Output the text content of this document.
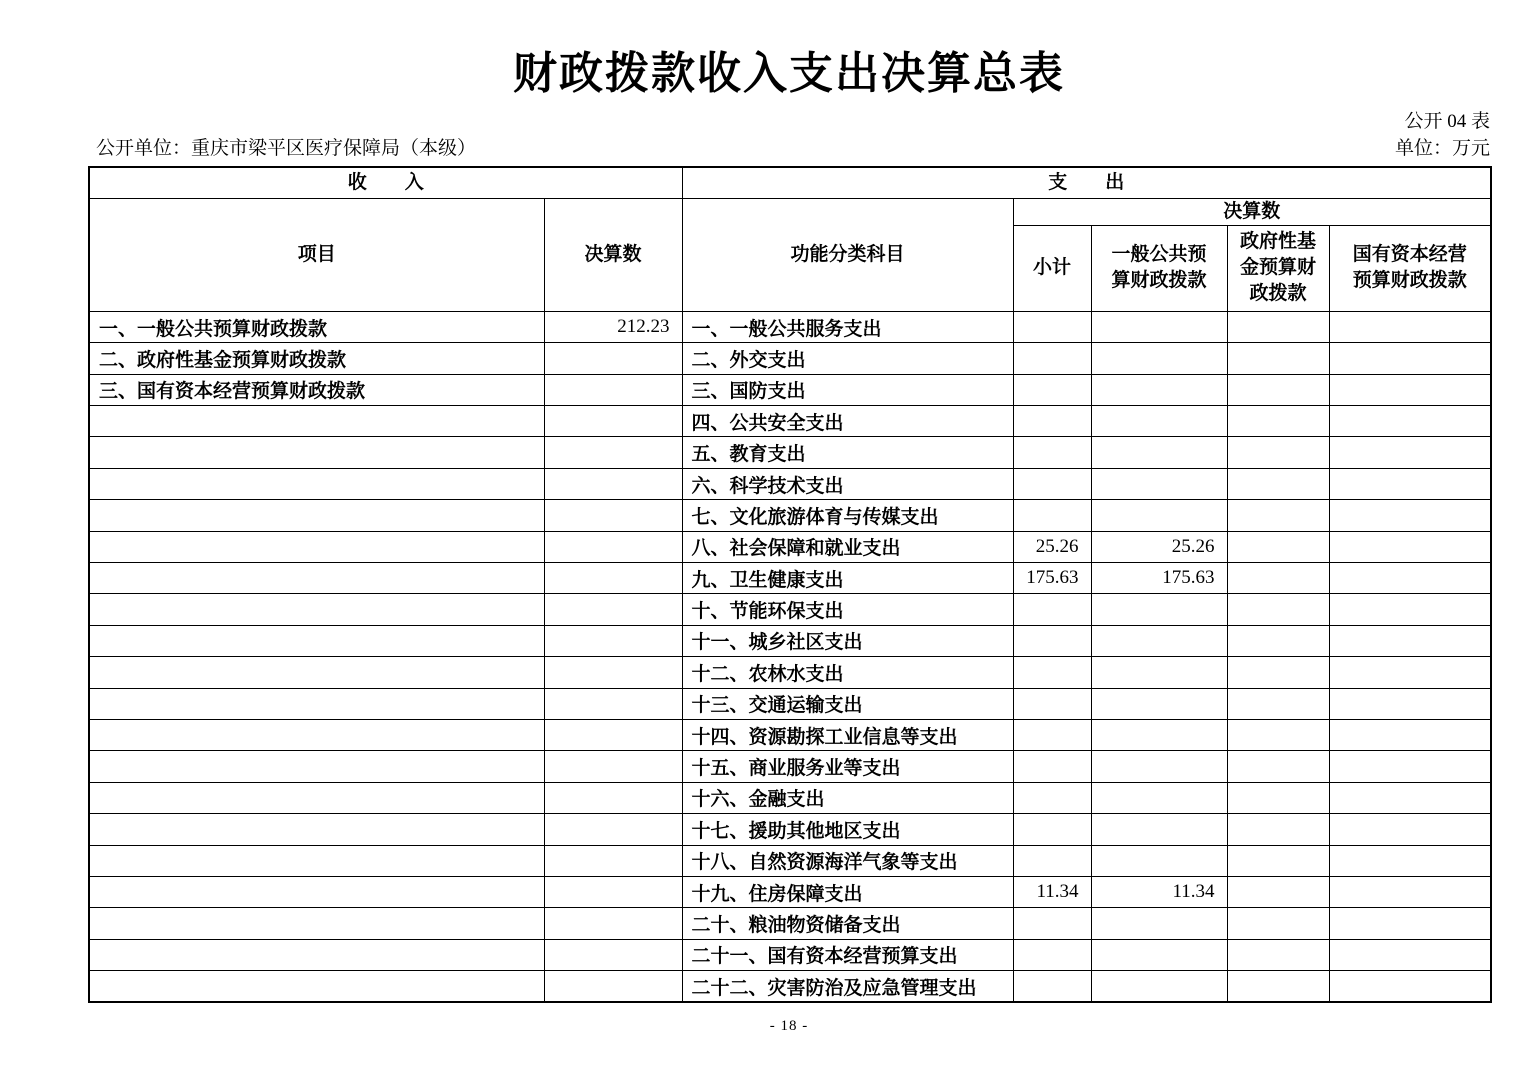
财政拨款收入支出决算总表
公开 04 表
公开单位：重庆市梁平区医疗保障局（本级）	单位：万元
收　　入		支　　出				
项目	决算数	功能分类科目	决算数			
			小计	一般公共预算财政拨款	政府性基金预算财政拨款	国有资本经营预算财政拨款
一、一般公共预算财政拨款	212.23	一、一般公共服务支出				
二、政府性基金预算财政拨款		二、外交支出				
三、国有资本经营预算财政拨款		三、国防支出				
		四、公共安全支出				
		五、教育支出				
		六、科学技术支出				
		七、文化旅游体育与传媒支出				
		八、社会保障和就业支出	25.26	25.26		
		九、卫生健康支出	175.63	175.63		
		十、节能环保支出				
		十一、城乡社区支出				
		十二、农林水支出				
		十三、交通运输支出				
		十四、资源勘探工业信息等支出				
		十五、商业服务业等支出				
		十六、金融支出				
		十七、援助其他地区支出				
		十八、自然资源海洋气象等支出				
		十九、住房保障支出	11.34	11.34		
		二十、粮油物资储备支出				
		二十一、国有资本经营预算支出				
		二十二、灾害防治及应急管理支出				
- 18 -
